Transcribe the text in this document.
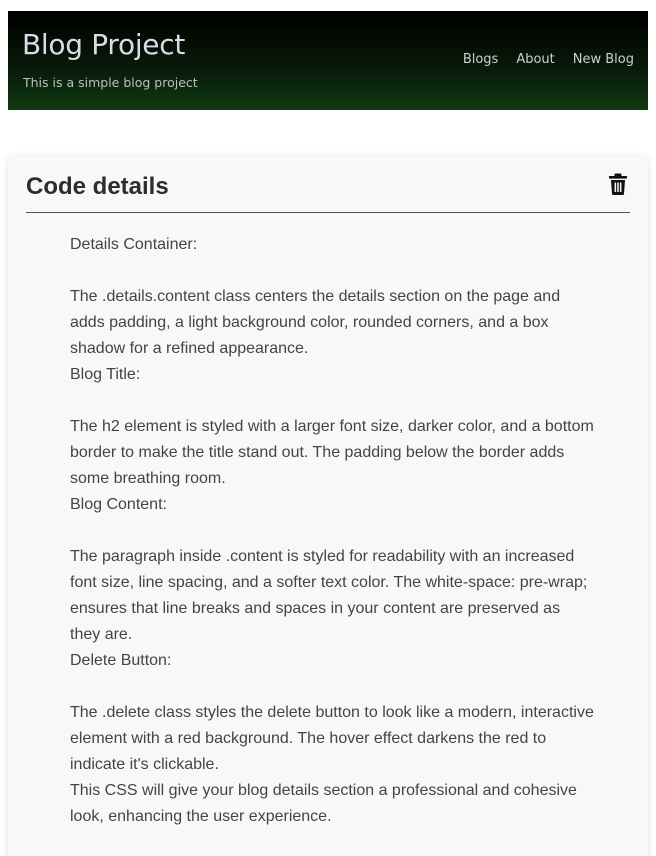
Blog Project
This is a simple blog project
Blogs About New Blog
Code details

Details Container:

The .details.content class centers the details section on the page and adds padding, a light background color, rounded corners, and a box shadow for a refined appearance.
Blog Title:

The h2 element is styled with a larger font size, darker color, and a bottom border to make the title stand out. The padding below the border adds some breathing room.
Blog Content:

The paragraph inside .content is styled for readability with an increased font size, line spacing, and a softer text color. The white-space: pre-wrap; ensures that line breaks and spaces in your content are preserved as they are.
Delete Button:

The .delete class styles the delete button to look like a modern, interactive element with a red background. The hover effect darkens the red to indicate it's clickable.
This CSS will give your blog details section a professional and cohesive look, enhancing the user experience.
